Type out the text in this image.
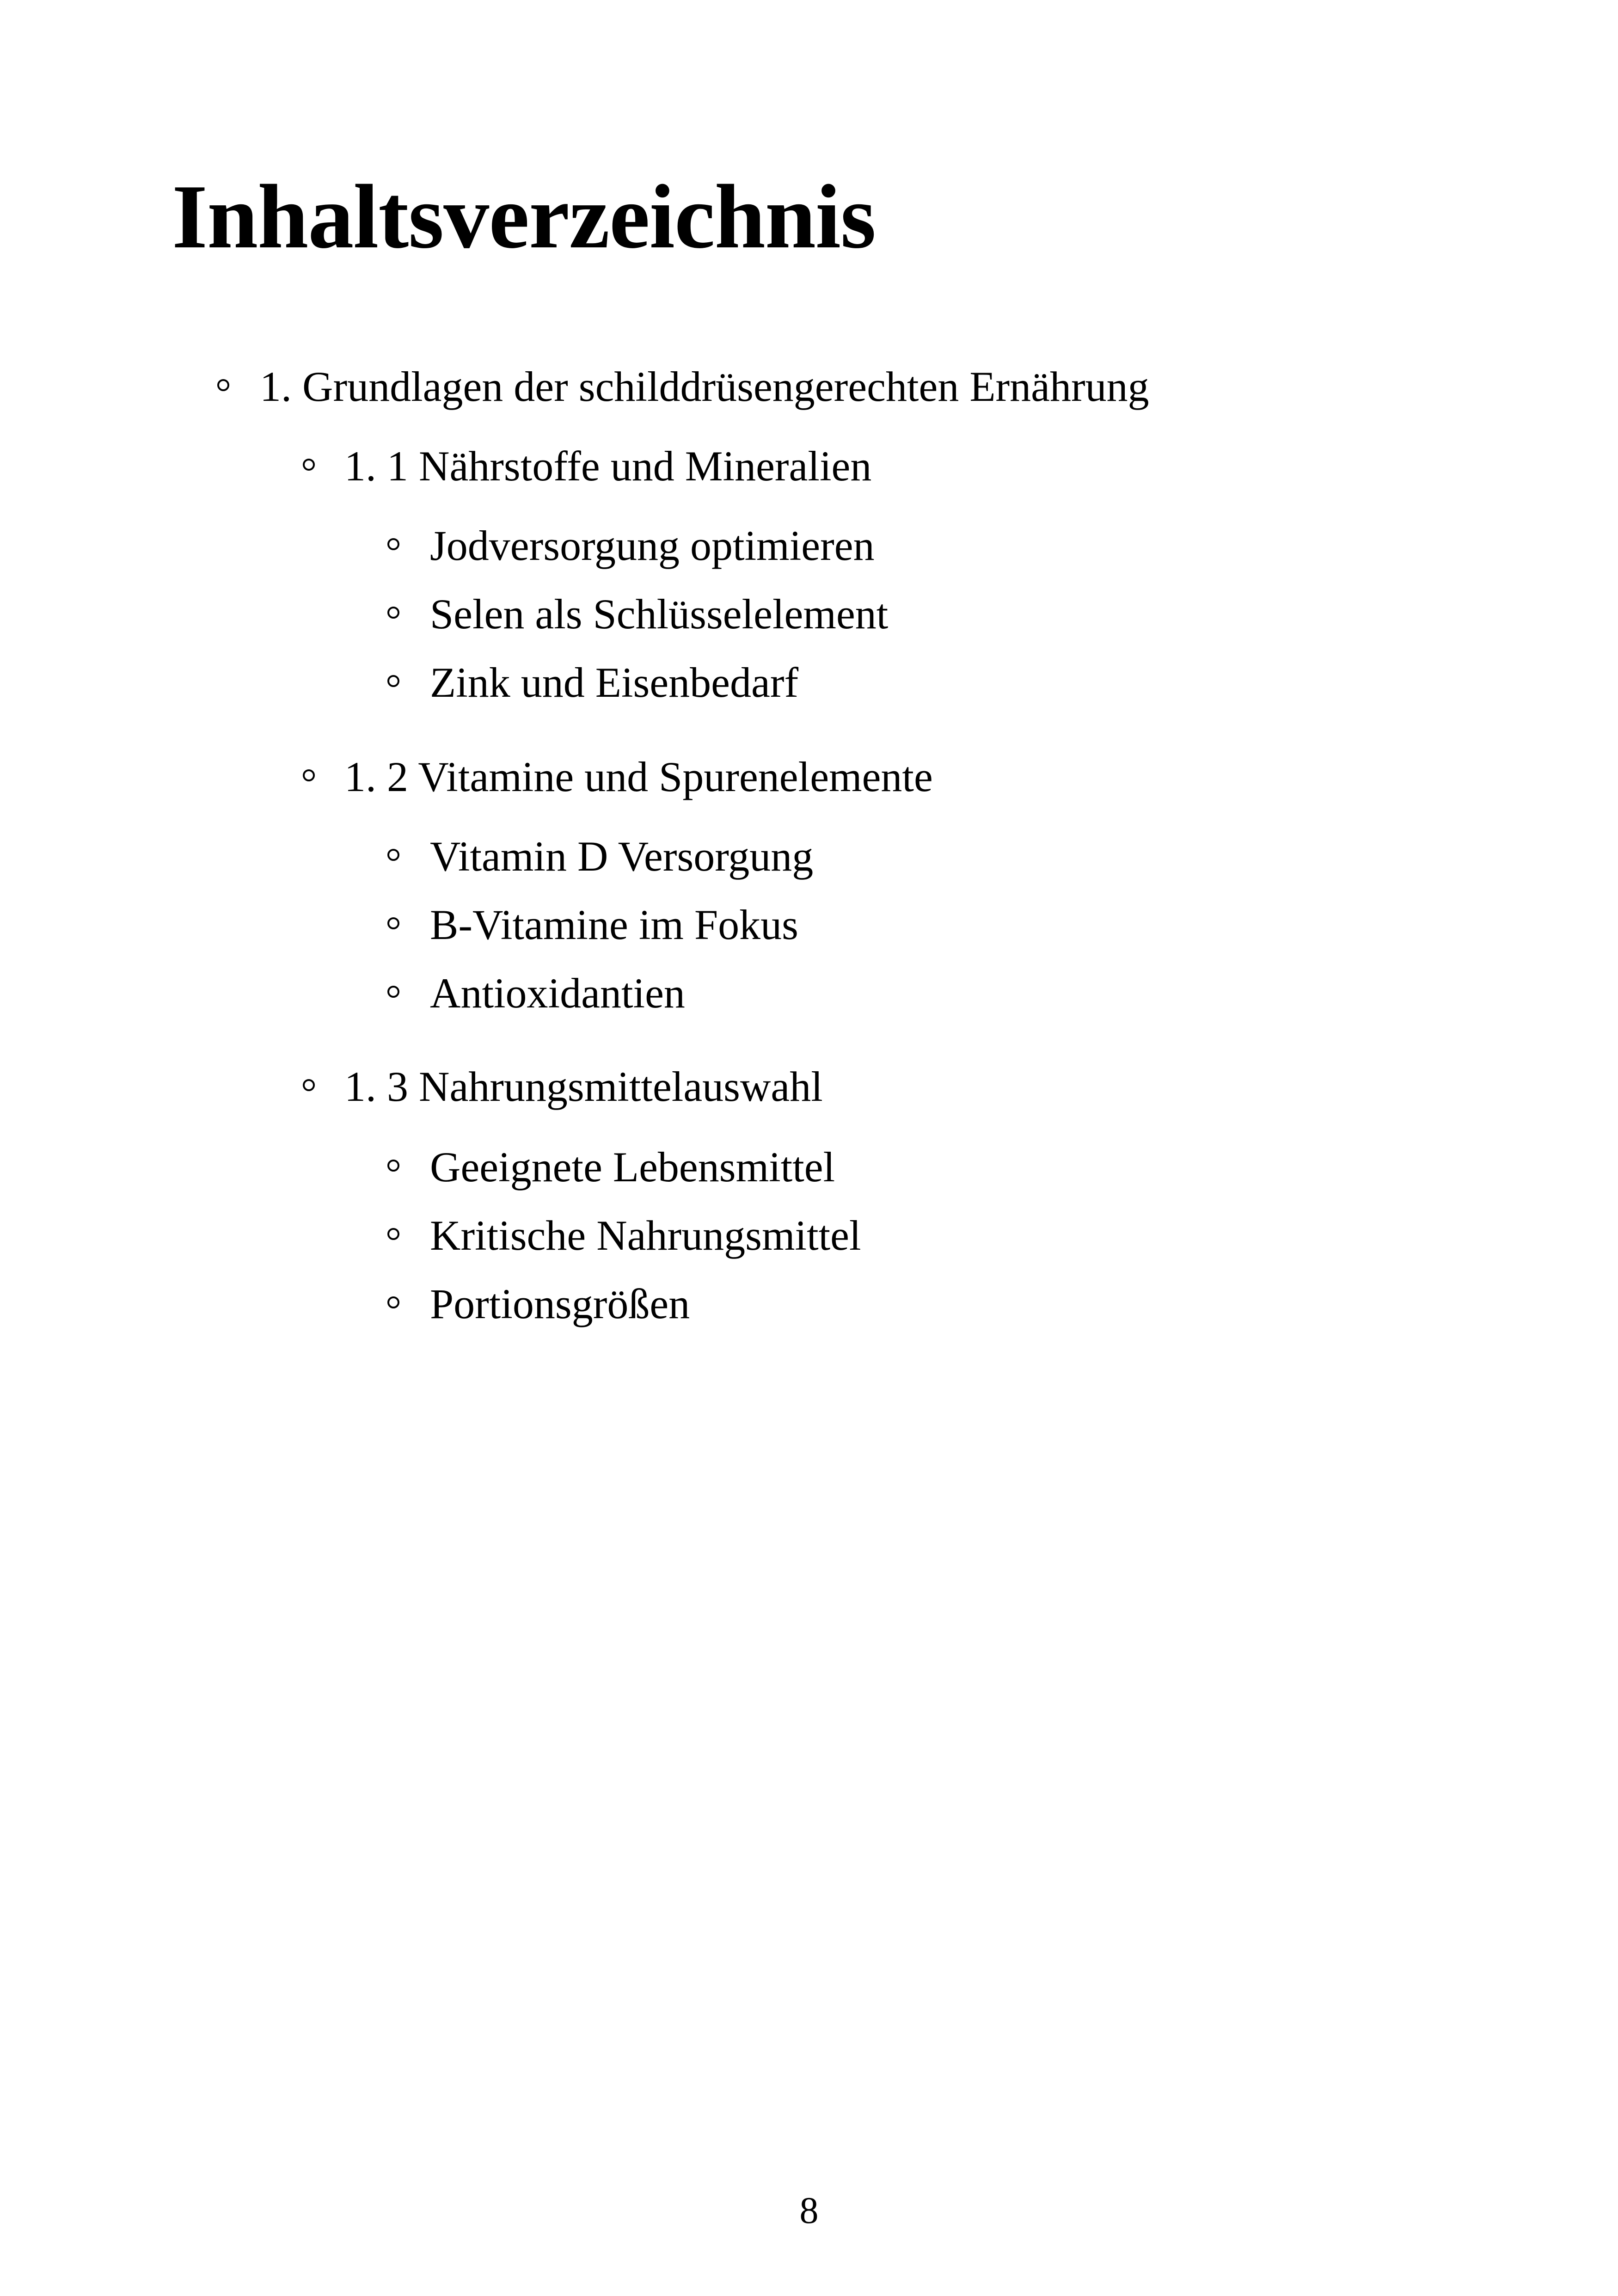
Inhaltsverzeichnis
1. Grundlagen der schilddrüsengerechten Ernährung
1. 1 Nährstoffe und Mineralien
Jodversorgung optimieren
Selen als Schlüsselelement
Zink und Eisenbedarf
1. 2 Vitamine und Spurenelemente
Vitamin D Versorgung
B-Vitamine im Fokus
Antioxidantien
1. 3 Nahrungsmittelauswahl
Geeignete Lebensmittel
Kritische Nahrungsmittel
Portionsgrößen
8
